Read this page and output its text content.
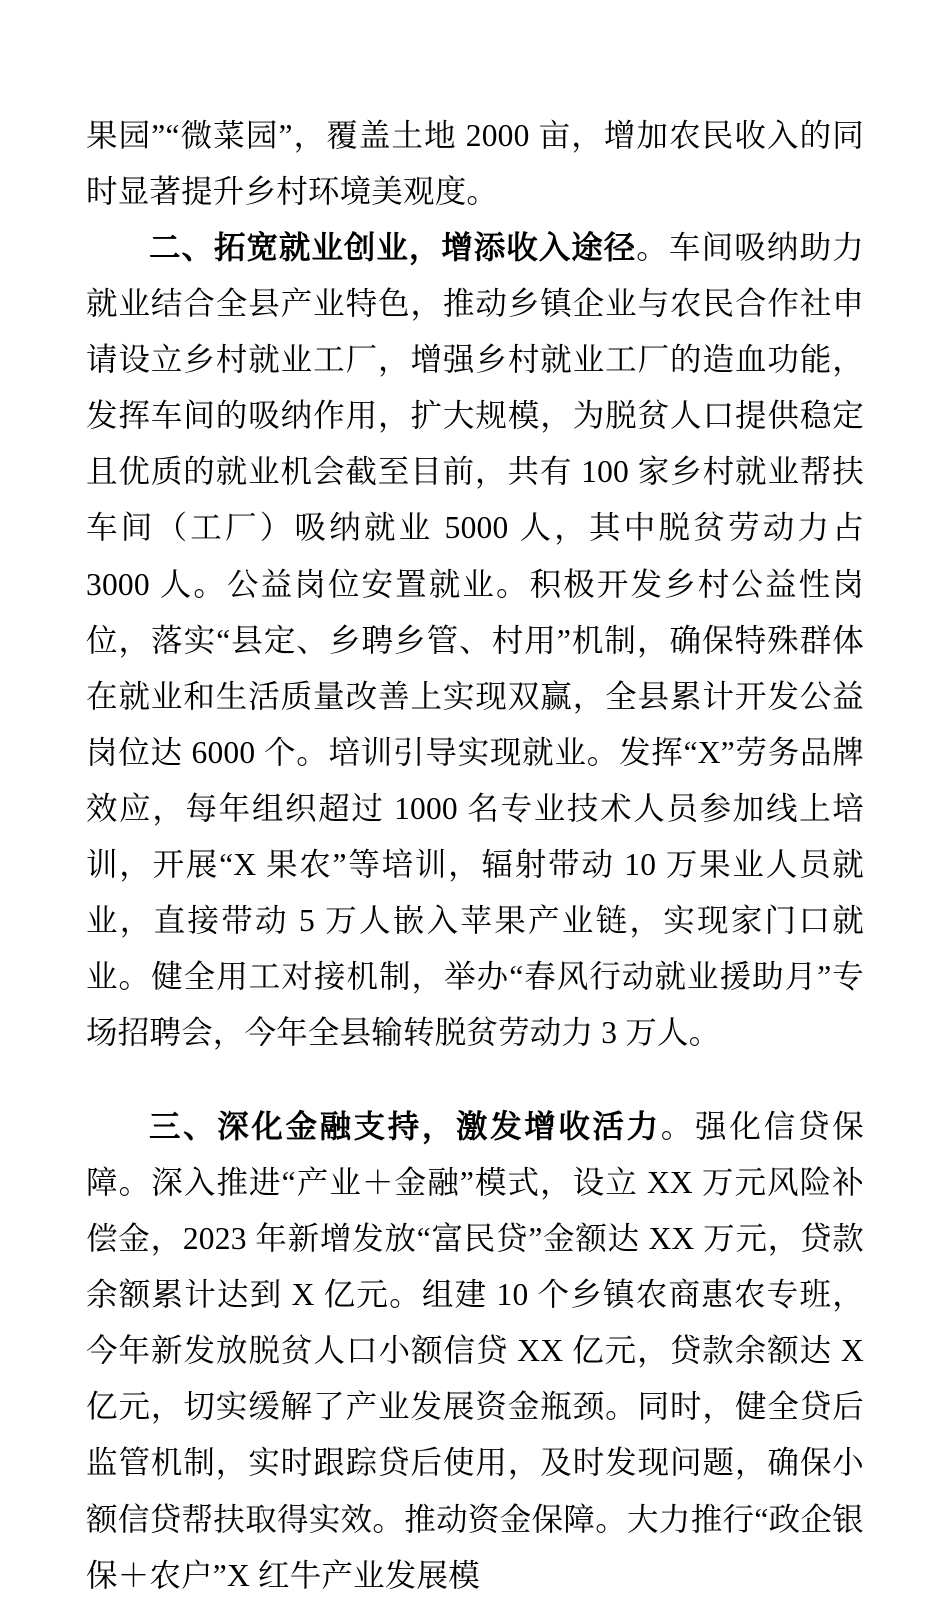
果园”“微菜园”，覆盖土地 2000 亩，增加农民收入的同时显著提升乡村环境美观度。

二、拓宽就业创业，增添收入途径。车间吸纳助力就业结合全县产业特色，推动乡镇企业与农民合作社申请设立乡村就业工厂，增强乡村就业工厂的造血功能，发挥车间的吸纳作用，扩大规模，为脱贫人口提供稳定且优质的就业机会截至目前，共有 100 家乡村就业帮扶车间（工厂）吸纳就业 5000 人，其中脱贫劳动力占 3000 人。公益岗位安置就业。积极开发乡村公益性岗位，落实“县定、乡聘乡管、村用”机制，确保特殊群体在就业和生活质量改善上实现双赢，全县累计开发公益岗位达 6000 个。培训引导实现就业。发挥“X”劳务品牌效应，每年组织超过 1000 名专业技术人员参加线上培训，开展“X 果农”等培训，辐射带动 10 万果业人员就业，直接带动 5 万人嵌入苹果产业链，实现家门口就业。健全用工对接机制，举办“春风行动就业援助月”专场招聘会，今年全县输转脱贫劳动力 3 万人。

三、深化金融支持，激发增收活力。强化信贷保障。深入推进“产业＋金融”模式，设立 XX 万元风险补偿金，2023 年新增发放“富民贷”金额达 XX 万元，贷款余额累计达到 X 亿元。组建 10 个乡镇农商惠农专班，今年新发放脱贫人口小额信贷 XX 亿元，贷款余额达 X 亿元，切实缓解了产业发展资金瓶颈。同时，健全贷后监管机制，实时跟踪贷后使用，及时发现问题，确保小额信贷帮扶取得实效。推动资金保障。大力推行“政企银保＋农户”X 红牛产业发展模
